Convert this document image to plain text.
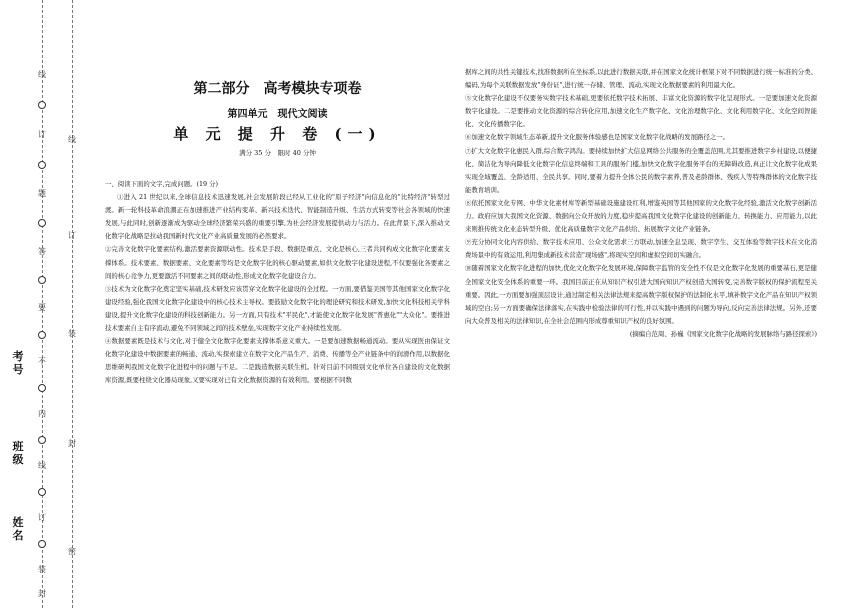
线
订
题
答
要
不
内
线
订
装
封
线
订
装
封
密
考号
班级
姓名
第二部分　高考模块专项卷
第四单元　现代文阅读
单 元 提 升 卷 (一)
满分 35 分　限时 40 分钟

一、阅读下面的文字,完成问题。(19 分)

①进入 21 世纪以来,全球信息技术迅速发展,社会发展阶段已经从工业化的"原子经济"向信息化的"比特经济"转型过渡。新一轮科技革命浪潮正在加速推进产业结构变革、新兴技术迭代、智能制造升级、生活方式转变等社会各领域的快速发展,与此同时,创新逐渐成为驱动全球经济繁荣兴盛的重要引擎,为社会经济发展提供动力与活力。在此背景下,深入推动文化数字化战略是拉动我国新时代文化产业高质量发展的必然要求。

②完善文化数字化要素结构,激活要素资源联动性。技术是手段、数据是重点、文化是核心,三者共同构成文化数字化要素支撑体系。技术要素、数据要素、文化要素等均是文化数字化的核心驱动要素,如供文化数字化建设进程,不仅要强化各要素之间的核心竞争力,更要激活不同要素之间的联动性,形成文化数字化建设合力。

③技术为文化数字化奠定坚实基础,技术研发应该贯穿文化数字化建设的全过程。一方面,要借鉴美国等其他国家文化数字化建设经验,强化我国文化数字化建设中的核心技术主导权。要鼓励文化数字化的理论研究和技术研发,加快文化科技相关学科建设,提升文化数字化建设的科技创新能力。另一方面,只有技术"平民化",才能使文化数字化发展"普惠化""大众化"。要推进技术要素自主有序流动,避免不同领域之间的技术壁垒,实现数字文化产业持续性发展。

④数据要素既是技术与文化,对于健全文化数字化要素支撑体系意义重大。一是要加速数据畅通流动。要从实现医由保证文化数字化建设中数据要素的畅通、流动,实探索建立在数字文化产品生产、消费、传播等全产业链条中的润滑作用,以数据化思维研判我国文化数字化进程中的问题与不足。二是践造数据关联生机。针对目前不同级别文化单位各自建设的文化数据库资源,既要柱绕文化器局现象,又要实现对已有文化数据资源的有效利用。要根据不同数

据库之间的共性关键技术,找准数据所在坐标系,以此进行数据关联,并在国家文化统计框架下对不同数据进行统一标准的分类、编码,为每个关联数据发放"身份证",进行统一存储、管理、流动,实现文化数据要素的利用最大化。

⑤文化数字化建设不仅要务实数字技术基础,更要依托数字技术拓展、丰富文化资源的数字化呈现形式。一是要加速文化资源数字化建设。二是要推动文化资源的综合转化应用,加速文化生产数字化、文化治理数字化、文化利用数字化、文化空间智能化、文化传播数字化。

⑥加速文化数字领域生态革新,提升文化服务体验感也是国家文化数字化战略的发展路径之一。

⑦扩大文化数字化惠民入群,综合数字鸿沟。要持续加快扩大信息网络公共服务的全覆盖范围,尤其要推进数字乡村建设,以便捷化、简洁化为导向降低文化数字化信息终端和工具的服务门槛,加快文化数字化服务平台的无障碍改造,真正让文化数字化成果实现全域覆盖、全龄适用、全民共享。同时,要着力提升全体公民的数字素养,普及老龄群体、残疾人等特殊群体的文化数字技能教育培训。

⑧依托国家文化专网、中华文化素材库等新型基础设施建设红利,增鉴英国等其他国家的文化数字化经验,激活文化数字创新活力。政府应加大我国文化资源、数据向公众开放的力度,稳步提高我国文化数字化建设的创新能力、转换能力、应用能力,以此来则推传统文化业态转型升级、优化高质量数字文化产品供给、拓展数字文化产业链条。

⑨充分协同文化内容供给、数字技术应用、公众文化需求三方联动,加速全息呈现、数字孪生、交互体验等数字技术在文化消费场景中的有效运用,利用集成新技术营造"现场感",将现实空间和虚拟空间切实融合。

⑩随着国家文化数字化进程的加快,优化文化数字化发展环境,保障数字监管的安全性不仅是文化数字化发展的重要基石,更是健全国家文化安全体系的重要一环。我国目前正在从知识产权引进大国向知识产权创造大国转变,完善数字版权的保护流程至关重要。因此,一方面要加强顶层设计,通过制定相关法律法规来提高数字版权保护的法制化水平,填补数字文化产品在知识产权领域的空白;另一方面要确保法律落实,在实践中检验法律的可行性,并以实践中遇到的问题为导向,反向完善法律法规。另外,还要向大众普及相关的法律知识,在全社会范围内形成尊重知识产权的良好氛围。

(摘编自范周、孙巍《国家文化数字化战略的发展脉络与路径探索》)
